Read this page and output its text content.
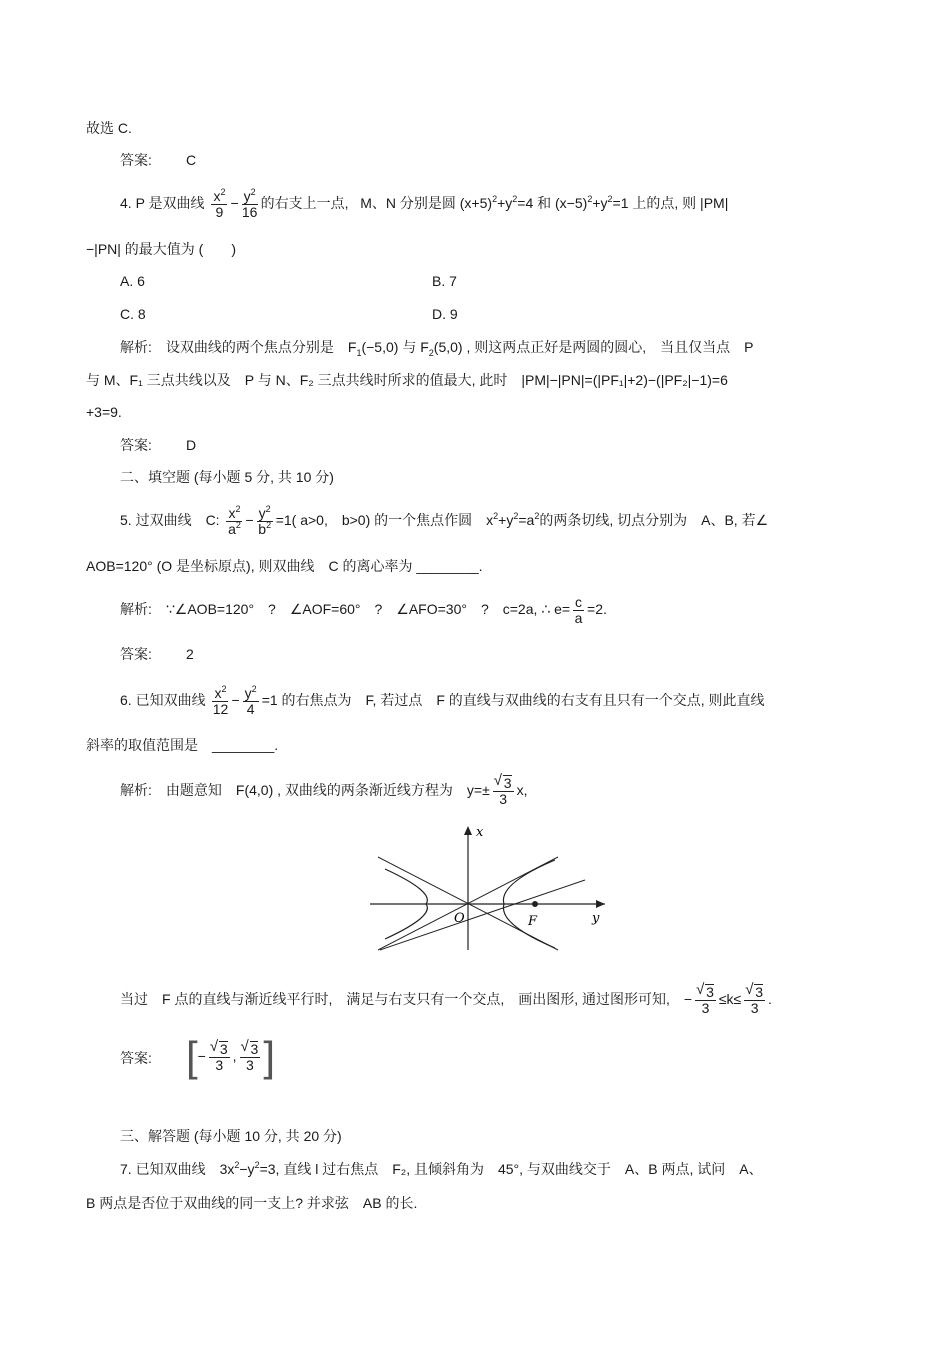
故选 C.
答案: C
4. P 是双曲线 $\frac{x^2}{9} - \frac{y^2}{16}$ 的右支上一点, M、N 分别是圆 $(x+5)^2+y^2=4$ 和 $(x-5)^2+y^2=1$ 上的点, 则 |PM|
−|PN| 的最大值为 (　　)
A. 6	B. 7
C. 8	D. 9
解析:　设双曲线的两个焦点分别是　$F_1(-5,0)$ 与 $F_2(5,0)$ , 则这两点正好是两圆的圆心,　当且仅当点　P
与 M、F₁ 三点共线以及　P 与 N、F₂ 三点共线时所求的值最大, 此时　|PM|−|PN|=(|PF₁|+2)−(|PF₂|−1)=6
+3=9.
答案: D
二、填空题 (每小题 5 分, 共 10 分)
5. 过双曲线　C: $\frac{x^2}{a^2} - \frac{y^2}{b^2} =1$( a>0,　b>0) 的一个焦点作圆　$x^2+y^2=a^2$的两条切线, 切点分别为　A、B, 若∠
AOB=120° (O 是坐标原点), 则双曲线　C 的离心率为 ________.
解析:　∵∠AOB=120°　?　∠AOF=60°　?　∠AFO=30°　?　c=2a, ∴ $e= \frac{c}{a} =2$.
答案: 2
6. 已知双曲线 $\frac{x^2}{12} - \frac{y^2}{4} =1$ 的右焦点为　F, 若过点　F 的直线与双曲线的右支有且只有一个交点, 则此直线
斜率的取值范围是　________.
解析:　由题意知　F(4,0) , 双曲线的两条渐近线方程为　y=± √ $\frac{3}{3} x$,
x
y
O	F
当过　F 点的直线与渐近线平行时,　满足与右支只有一个交点,　画出图形, 通过图形可知,　− √ $\frac{3}{3} \le k\le$ √ $\frac{3}{3}$ .
答案: [− √ $\frac{3}{3}$ , √ $\frac{3}{3}$ ]
三、解答题 (每小题 10 分, 共 20 分)
7. 已知双曲线　$3x^2-y^2=3$, 直线 l 过右焦点　F₂, 且倾斜角为　45°, 与双曲线交于　A、B 两点, 试问　A、
B 两点是否位于双曲线的同一支上? 并求弦　AB 的长.
